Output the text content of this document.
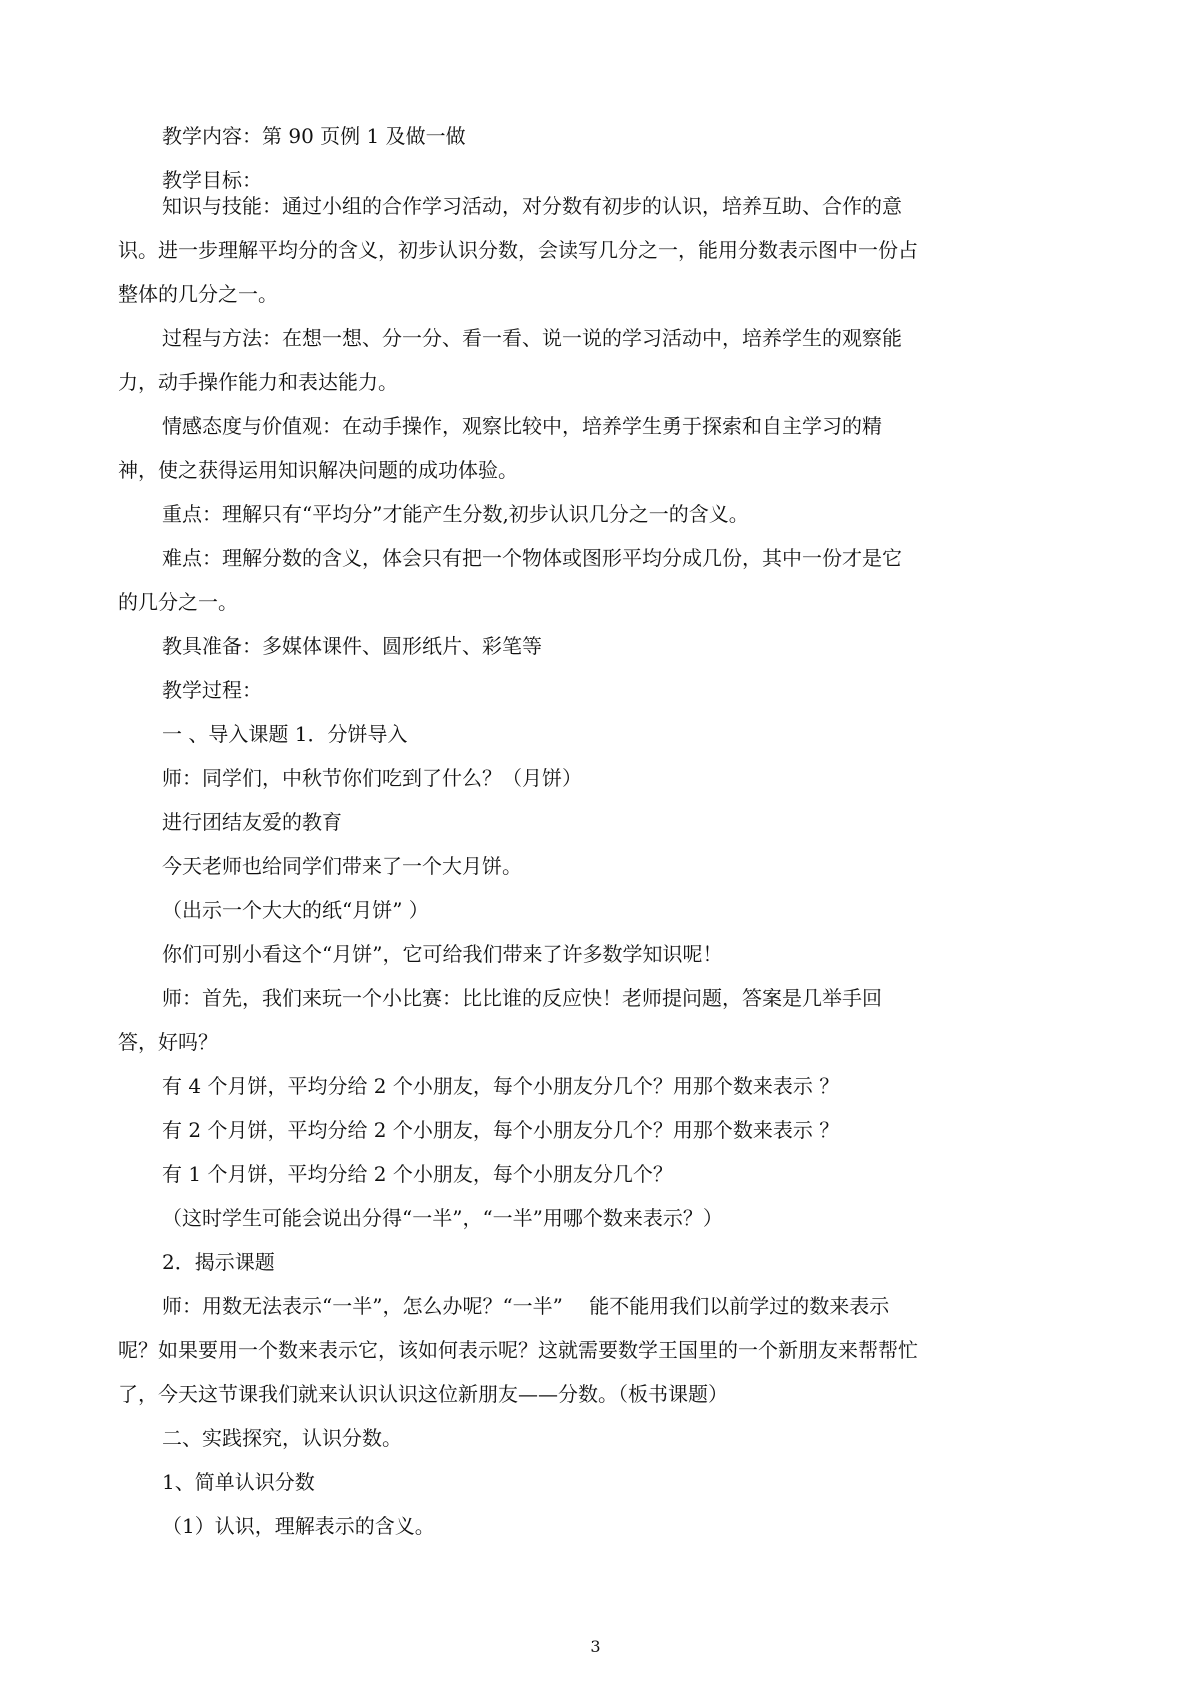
教学内容：第 90 页例 1 及做一做

教学目标：

知识与技能：通过小组的合作学习活动，对分数有初步的认识，培养互助、合作的意识。进一步理解平均分的含义，初步认识分数，会读写几分之一，能用分数表示图中一份占整体的几分之一。

过程与方法：在想一想、分一分、看一看、说一说的学习活动中，培养学生的观察能力，动手操作能力和表达能力。

情感态度与价值观：在动手操作，观察比较中，培养学生勇于探索和自主学习的精神，使之获得运用知识解决问题的成功体验。

重点：理解只有“平均分”才能产生分数,初步认识几分之一的含义。

难点：理解分数的含义，体会只有把一个物体或图形平均分成几份，其中一份才是它的几分之一。

教具准备：多媒体课件、圆形纸片、彩笔等

教学过程：

一 、导入课题 1．分饼导入

师：同学们，中秋节你们吃到了什么？（月饼）

进行团结友爱的教育

今天老师也给同学们带来了一个大月饼。

（出示一个大大的纸“月饼” ）

你们可别小看这个“月饼”，它可给我们带来了许多数学知识呢！

师：首先，我们来玩一个小比赛：比比谁的反应快！老师提问题，答案是几举手回答，好吗？

有 4 个月饼，平均分给 2 个小朋友，每个小朋友分几个？用那个数来表示 ？

有 2 个月饼，平均分给 2 个小朋友，每个小朋友分几个？用那个数来表示 ？

有 1 个月饼，平均分给 2 个小朋友，每个小朋友分几个？

（这时学生可能会说出分得“一半”，“一半”用哪个数来表示？）

2．揭示课题

师：用数无法表示“一半”，怎么办呢？“一半”　 能不能用我们以前学过的数来表示呢？如果要用一个数来表示它，该如何表示呢？这就需要数学王国里的一个新朋友来帮帮忙了，今天这节课我们就来认识认识这位新朋友——分数。（板书课题）

二、实践探究，认识分数。

1、简单认识分数

（1）认识，理解表示的含义。

3
